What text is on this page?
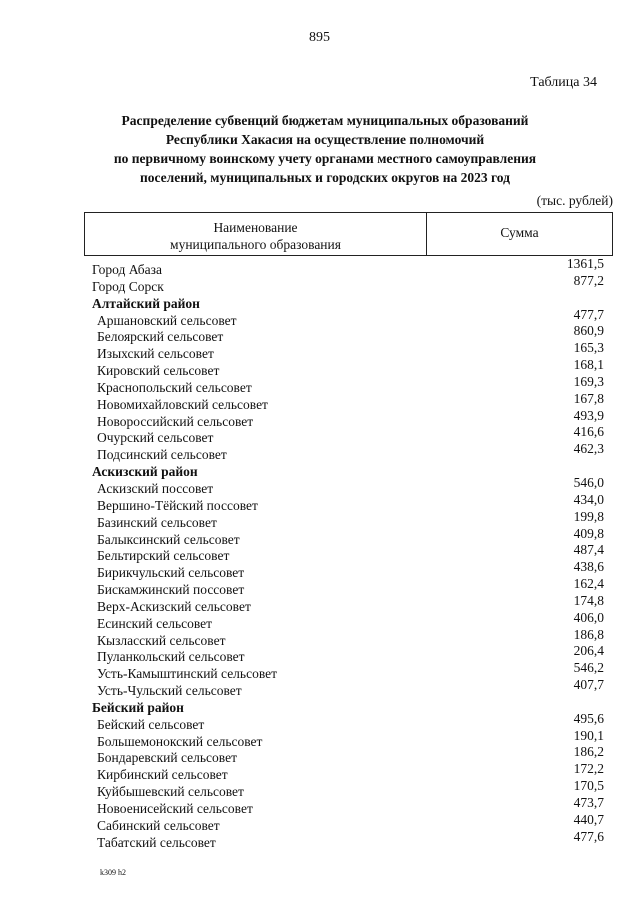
895
Таблица 34
Распределение субвенций бюджетам муниципальных образований
Республики Хакасия на осуществление полномочий
по первичному воинскому учету органами местного самоуправления
поселений, муниципальных и городских округов на 2023 год
(тыс. рублей)
Наименование
муниципального образования
Сумма
Город Абаза	1361,5
Город Сорск	877,2
Алтайский район
Аршановский сельсовет	477,7
Белоярский сельсовет	860,9
Изыхский сельсовет	165,3
Кировский сельсовет	168,1
Краснопольский сельсовет	169,3
Новомихайловский сельсовет	167,8
Новороссийский сельсовет	493,9
Очурский сельсовет	416,6
Подсинский сельсовет	462,3
Аскизский район
Аскизский поссовет	546,0
Вершино-Тёйский поссовет	434,0
Базинский сельсовет	199,8
Балыксинский сельсовет	409,8
Бельтирский сельсовет	487,4
Бирикчульский сельсовет	438,6
Бискамжинский поссовет	162,4
Верх-Аскизский сельсовет	174,8
Есинский сельсовет	406,0
Кызласский сельсовет	186,8
Пуланкольский сельсовет	206,4
Усть-Камыштинский сельсовет	546,2
Усть-Чульский сельсовет	407,7
Бейский район
Бейский сельсовет	495,6
Большемонокский сельсовет	190,1
Бондаревский сельсовет	186,2
Кирбинский сельсовет	172,2
Куйбышевский сельсовет	170,5
Новоенисейский сельсовет	473,7
Сабинский сельсовет	440,7
Табатский сельсовет	477,6
k309 h2
